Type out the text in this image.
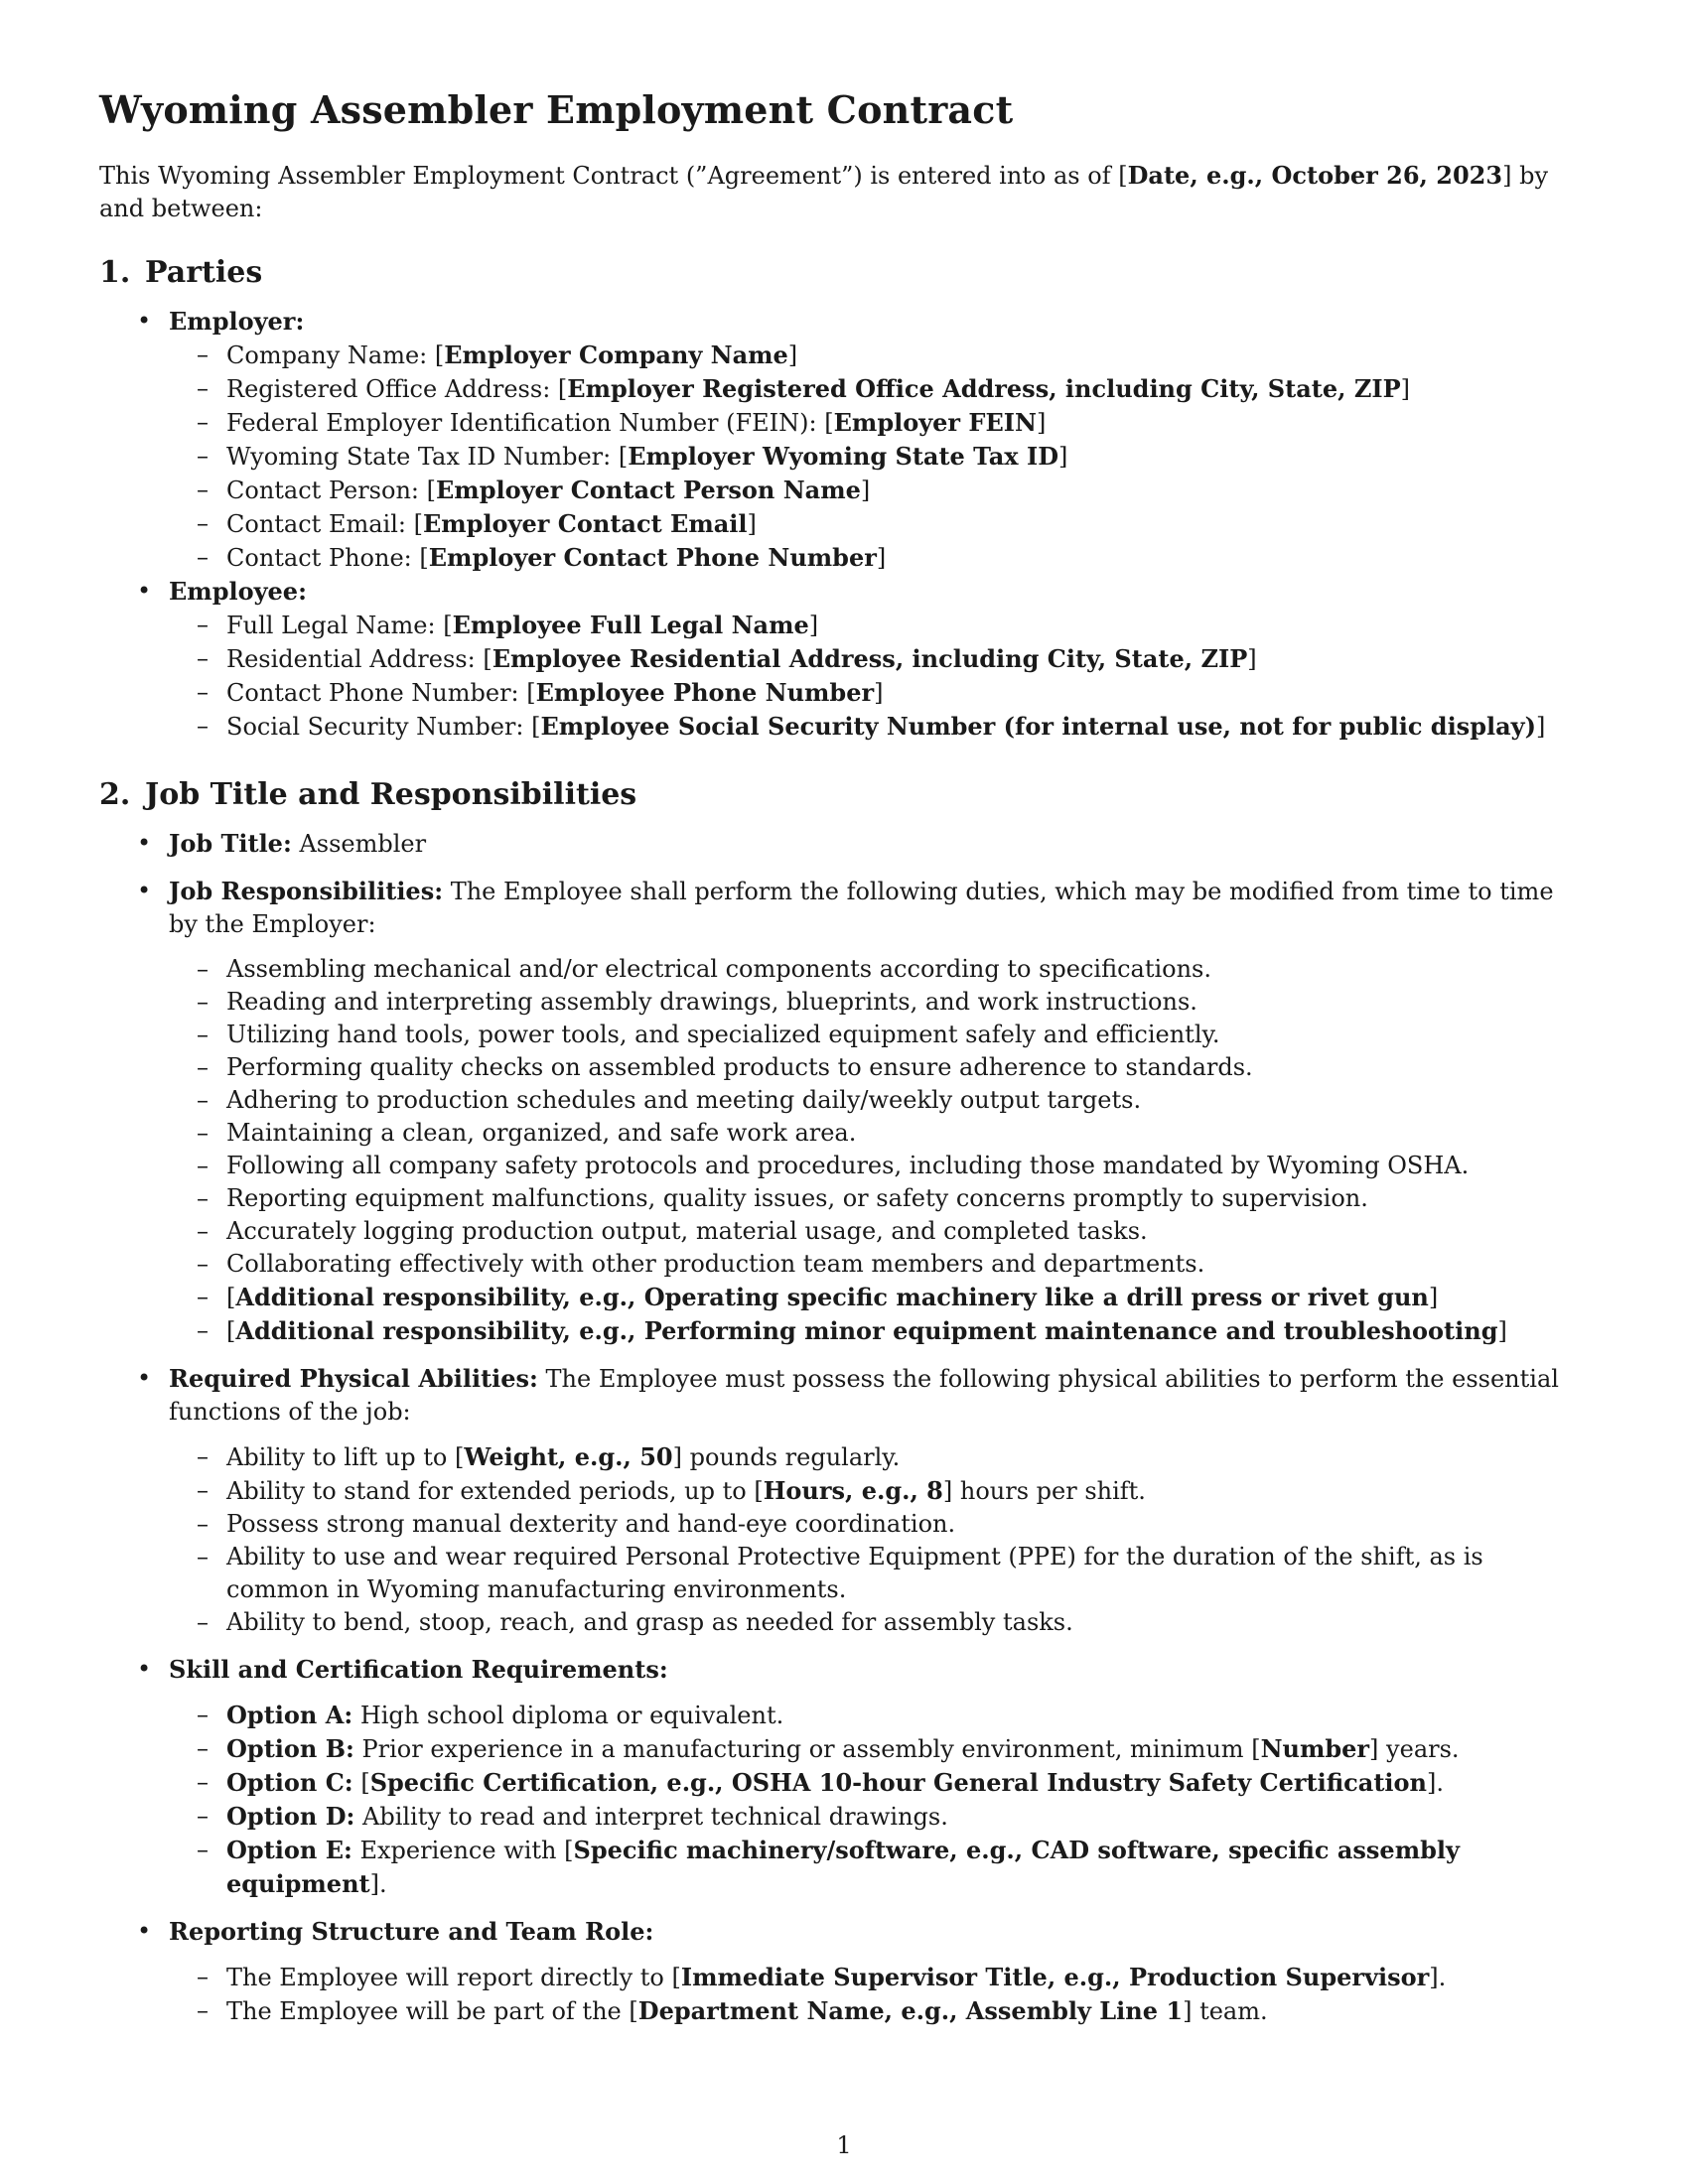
Wyoming Assembler Employment Contract

This Wyoming Assembler Employment Contract (”Agreement”) is entered into as of [ Date, e.g., October 26, 2023 ] by and between:

1. Parties
• Employer:
– Company Name: [ Employer Company Name ]
– Registered Office Address: [ Employer Registered Office Address, including City, State, ZIP ]
– Federal Employer Identification Number (FEIN): [ Employer FEIN ]
– Wyoming State Tax ID Number: [ Employer Wyoming State Tax ID ]
– Contact Person: [ Employer Contact Person Name ]
– Contact Email: [ Employer Contact Email ]
– Contact Phone: [ Employer Contact Phone Number ]
• Employee:
– Full Legal Name: [ Employee Full Legal Name ]
– Residential Address: [ Employee Residential Address, including City, State, ZIP ]
– Contact Phone Number: [ Employee Phone Number ]
– Social Security Number: [ Employee Social Security Number (for internal use, not for public display) ]
2. Job Title and Responsibilities
• Job Title: Assembler
• Job Responsibilities: The Employee shall perform the following duties, which may be modified from time to time by the Employer:
– Assembling mechanical and/or electrical components according to specifications.
– Reading and interpreting assembly drawings, blueprints, and work instructions.
– Utilizing hand tools, power tools, and specialized equipment safely and efficiently.
– Performing quality checks on assembled products to ensure adherence to standards.
– Adhering to production schedules and meeting daily/weekly output targets.
– Maintaining a clean, organized, and safe work area.
– Following all company safety protocols and procedures, including those mandated by Wyoming OSHA.
– Reporting equipment malfunctions, quality issues, or safety concerns promptly to supervision.
– Accurately logging production output, material usage, and completed tasks.
– Collaborating effectively with other production team members and departments.
– [ Additional responsibility, e.g., Operating specific machinery like a drill press or rivet gun ]
– [ Additional responsibility, e.g., Performing minor equipment maintenance and troubleshooting ]
• Required Physical Abilities: The Employee must possess the following physical abilities to perform the essential functions of the job:
– Ability to lift up to [ Weight, e.g., 50 ] pounds regularly.
– Ability to stand for extended periods, up to [ Hours, e.g., 8 ] hours per shift.
– Possess strong manual dexterity and hand-eye coordination.
– Ability to use and wear required Personal Protective Equipment (PPE) for the duration of the shift, as is common in Wyoming manufacturing environments.
– Ability to bend, stoop, reach, and grasp as needed for assembly tasks.
• Skill and Certification Requirements:
– Option A: High school diploma or equivalent.
– Option B: Prior experience in a manufacturing or assembly environment, minimum [ Number ] years.
– Option C: [ Specific Certification, e.g., OSHA 10-hour General Industry Safety Certification ] .
– Option D: Ability to read and interpret technical drawings.
– Option E: Experience with [ Specific machinery/software, e.g., CAD software, specific assembly equipment ] .
• Reporting Structure and Team Role:
– The Employee will report directly to [ Immediate Supervisor Title, e.g., Production Supervisor ] .
– The Employee will be part of the [ Department Name, e.g., Assembly Line 1 ] team.
1
